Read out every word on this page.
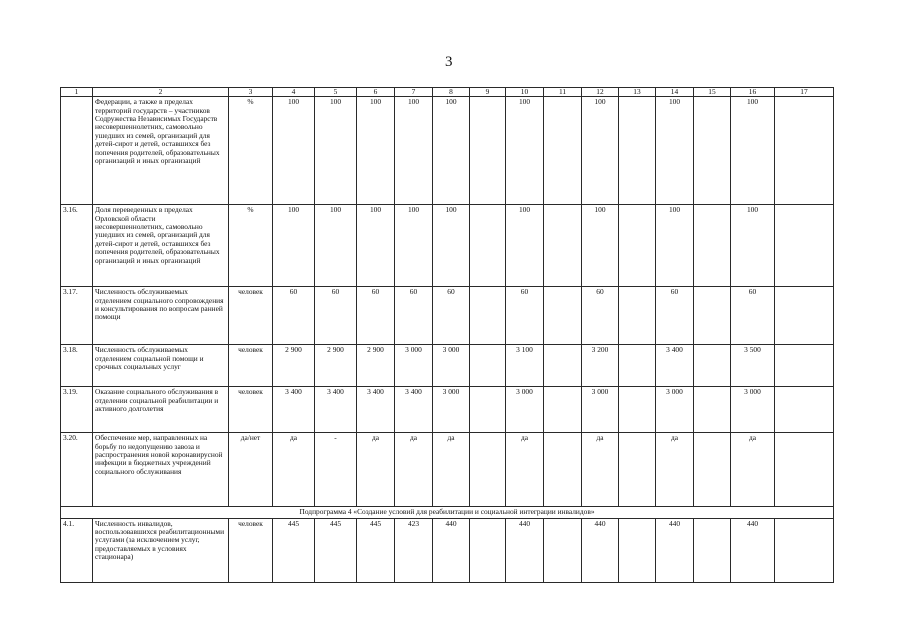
3
1	2	3	4	5	6	7	8	9	10	11	12	13	14	15	16	17
	Федерации, а также в пределах территорий государств – участников Содружества Независимых Государств несовершеннолетних, самовольно ушедших из семей, организаций для детей-сирот и детей, оставшихся без попечения родителей, образовательных организаций и иных организаций	%	100	100	100	100	100		100		100		100		100	
3.16.	Доля переведенных в пределах Орловской области несовершеннолетних, самовольно ушедших из семей, организаций для детей-сирот и детей, оставшихся без попечения родителей, образовательных организаций и иных организаций	%	100	100	100	100	100		100		100		100		100	
3.17.	Численность обслуживаемых отделением социального сопровождения и консультирования по вопросам ранней помощи	человек	60	60	60	60	60		60		60		60		60	
3.18.	Численность обслуживаемых отделением социальной помощи и срочных социальных услуг	человек	2 900	2 900	2 900	3 000	3 000		3 100		3 200		3 400		3 500	
3.19.	Оказание социального обслуживания в отделении социальной реабилитации и активного долголетия	человек	3 400	3 400	3 400	3 400	3 000		3 000		3 000		3 000		3 000	
3.20.	Обеспечение мер, направленных на борьбу по недопущению завоза и распространения новой коронавирусной инфекции в бюджетных учреждений социального обслуживания	да/нет	да	-	да	да	да		да		да		да		да	
Подпрограмма 4 «Создание условий для реабилитации и социальной интеграции инвалидов»																
4.1.	Численность инвалидов, воспользовавшихся реабилитационными услугами (за исключением услуг, предоставляемых в условиях стационара)	человек	445	445	445	423	440		440		440		440		440	
